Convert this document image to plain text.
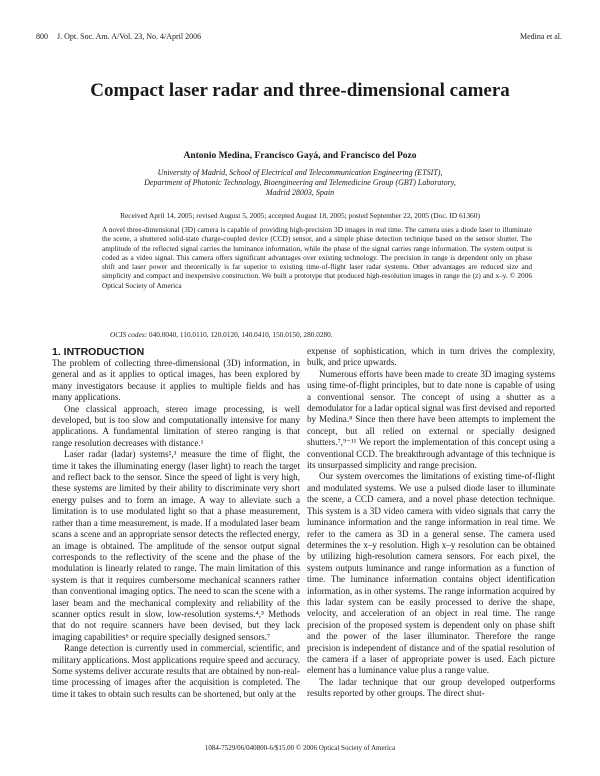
800 J. Opt. Soc. Am. A/Vol. 23, No. 4/April 2006	Medina et al.
Compact laser radar and three-dimensional camera
Antonio Medina, Francisco Gayá, and Francisco del Pozo
University of Madrid, School of Electrical and Telecommunication Engineering (ETSIT),
Department of Photonic Technology, Bioengineering and Telemedicine Group (GBT) Laboratory,
Madrid 28003, Spain
Received April 14, 2005; revised August 5, 2005; accepted August 18, 2005; posted September 22, 2005 (Doc. ID 61360)
A novel three-dimensional (3D) camera is capable of providing high-precision 3D images in real time. The camera uses a diode laser to illuminate the scene, a shuttered solid-state charge-coupled device (CCD) sensor, and a simple phase detection technique based on the sensor shutter. The amplitude of the reflected signal carries the luminance information, while the phase of the signal carries range information. The system output is coded as a video signal. This camera offers significant advantages over existing technology. The precision in range is dependent only on phase shift and laser power and theoretically is far superior to existing time-of-flight laser radar systems. Other advantages are reduced size and simplicity and compact and inexpensive construction. We built a prototype that produced high-resolution images in range the (z) and x–y. © 2006 Optical Society of America
OCIS codes: 040.0040, 110.0110, 120.0120, 140.0410, 150.0150, 280.0280.
1. INTRODUCTION

The problem of collecting three-dimensional (3D) information, in general and as it applies to optical images, has been explored by many investigators because it applies to multiple fields and has many applications.

One classical approach, stereo image processing, is well developed, but is too slow and computationally intensive for many applications. A fundamental limitation of stereo ranging is that range resolution decreases with distance.¹

Laser radar (ladar) systems²,³ measure the time of flight, the time it takes the illuminating energy (laser light) to reach the target and reflect back to the sensor. Since the speed of light is very high, these systems are limited by their ability to discriminate very short energy pulses and to form an image. A way to alleviate such a limitation is to use modulated light so that a phase measurement, rather than a time measurement, is made. If a modulated laser beam scans a scene and an appropriate sensor detects the reflected energy, an image is obtained. The amplitude of the sensor output signal corresponds to the reflectivity of the scene and the phase of the modulation is linearly related to range. The main limitation of this system is that it requires cumbersome mechanical scanners rather than conventional imaging optics. The need to scan the scene with a laser beam and the mechanical complexity and reliability of the scanner optics result in slow, low-resolution systems.⁴,⁵ Methods that do not require scanners have been devised, but they lack imaging capabilities⁶ or require specially designed sensors.⁷

Range detection is currently used in commercial, scientific, and military applications. Most applications require speed and accuracy. Some systems deliver accurate results that are obtained by non-real-time processing of images after the acquisition is completed. The time it takes to obtain such results can be shortened, but only at the

expense of sophistication, which in turn drives the complexity, bulk, and price upwards.

Numerous efforts have been made to create 3D imaging systems using time-of-flight principles, but to date none is capable of using a conventional sensor. The concept of using a shutter as a demodulator for a ladar optical signal was first devised and reported by Medina.⁸ Since then there have been attempts to implement the concept, but all relied on external or specially designed shutters.⁷,⁹⁻¹¹ We report the implementation of this concept using a conventional CCD. The breakthrough advantage of this technique is its unsurpassed simplicity and range precision.

Our system overcomes the limitations of existing time-of-flight and modulated systems. We use a pulsed diode laser to illuminate the scene, a CCD camera, and a novel phase detection technique. This system is a 3D video camera with video signals that carry the luminance information and the range information in real time. We refer to the camera as 3D in a general sense. The camera used determines the x–y resolution. High x–y resolution can be obtained by utilizing high-resolution camera sensors. For each pixel, the system outputs luminance and range information as a function of time. The luminance information contains object identification information, as in other systems. The range information acquired by this ladar system can be easily processed to derive the shape, velocity, and acceleration of an object in real time. The range precision of the proposed system is dependent only on phase shift and the power of the laser illuminator. Therefore the range precision is independent of distance and of the spatial resolution of the camera if a laser of appropriate power is used. Each picture element has a luminance value plus a range value.

The ladar technique that our group developed outperforms results reported by other groups. The direct shut-

1084-7529/06/040800-6/$15.00 © 2006 Optical Society of America
